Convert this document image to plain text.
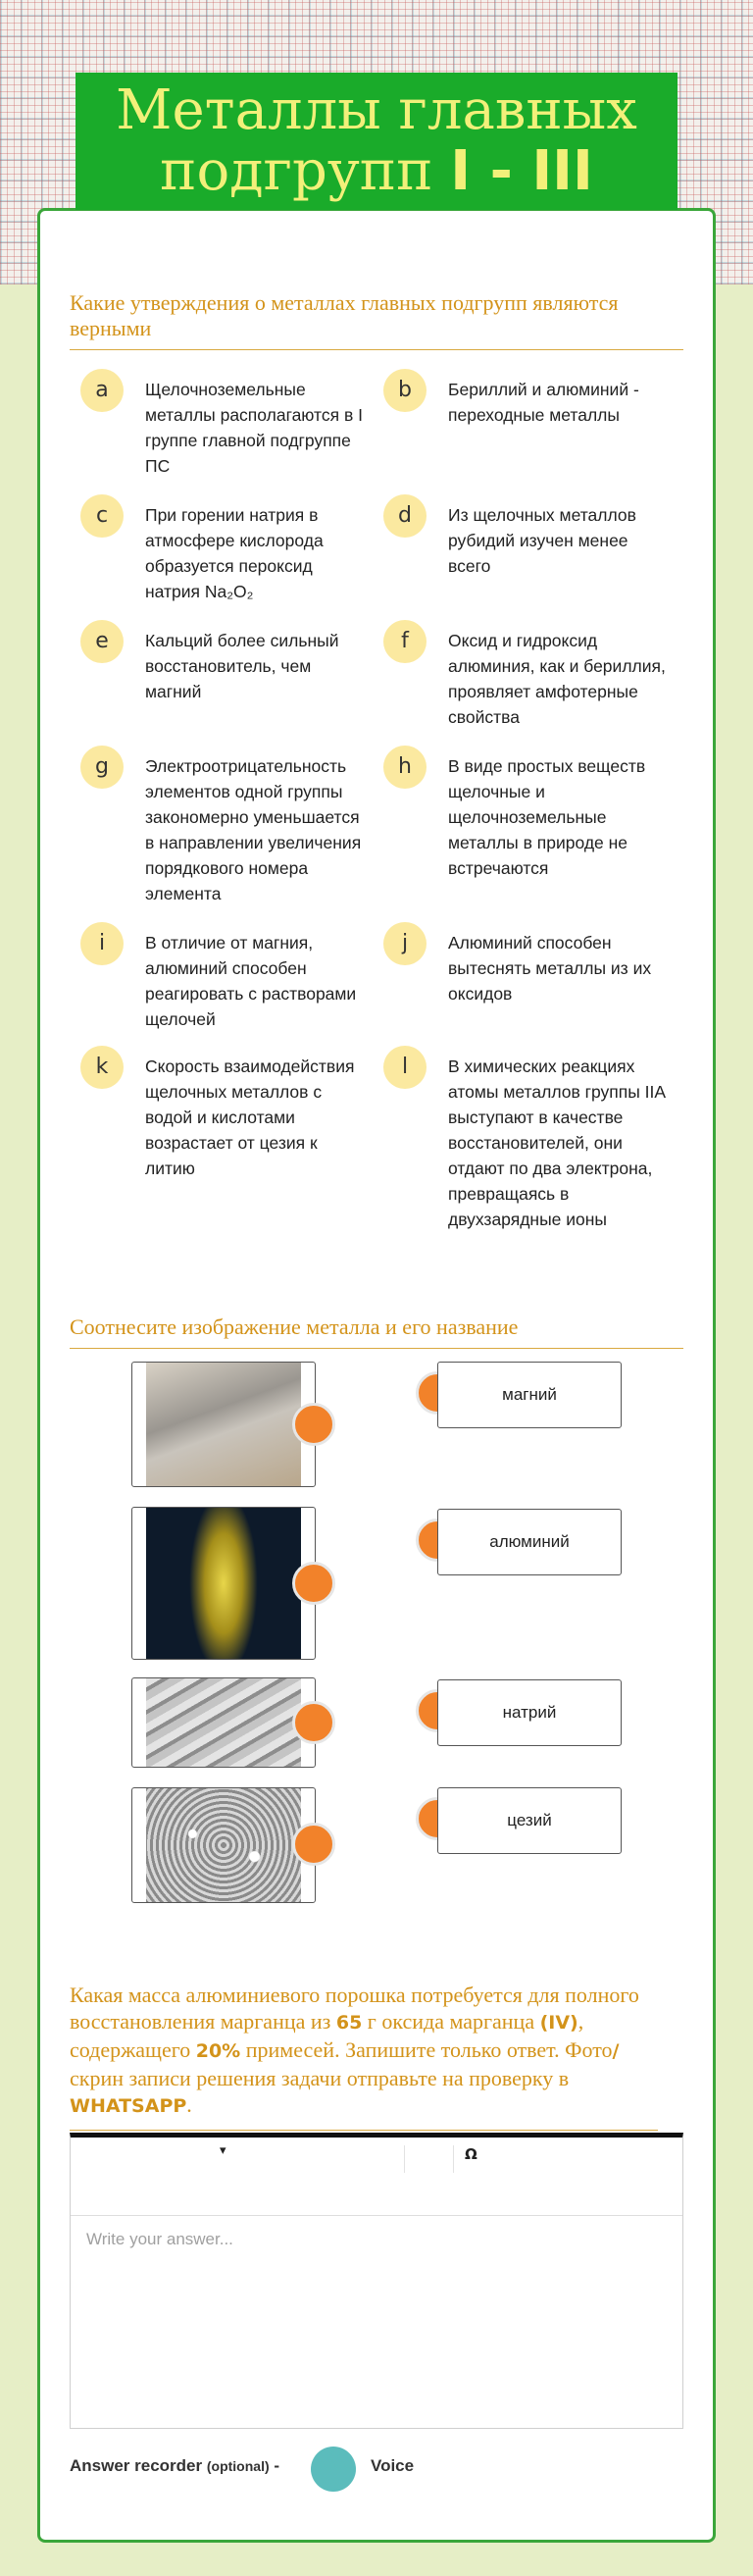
Металлы главных
подгрупп I - III
Какие утверждения о металлах главных подгрупп являются верными
a	Щелочноземельные металлы располагаются в I группе главной подгруппе ПС
b	Бериллий и алюминий - переходные металлы
c	При горении натрия в атмосфере кислорода образуется пероксид натрия Na₂O₂
d	Из щелочных металлов рубидий изучен менее всего
e	Кальций более сильный восстановитель, чем магний
f	Оксид и гидроксид алюминия, как и бериллия, проявляет амфотерные свойства
g	Электроотрицательность элементов одной группы закономерно уменьшается в направлении увеличения порядкового номера элемента
h	В виде простых веществ щелочные и щелочноземельные металлы в природе не встречаются
i	В отличие от магния, алюминий способен реагировать с растворами щелочей
j	Алюминий способен вытеснять металлы из их оксидов
k	Скорость взаимодействия щелочных металлов с водой и кислотами возрастает от цезия к литию
l	В химических реакциях атомы металлов группы IIA выступают в качестве восстановителей, они отдают по два электрона, превращаясь в двухзарядные ионы
Соотнесите изображение металла и его название
магний
алюминий
натрий
цезий
Какая масса алюминиевого порошка потребуется для полного восстановления марганца из 65 г оксида марганца (IV), содержащего 20% примесей. Запишите только ответ. Фото/скрин записи решения задачи отправьте на проверку в WHATSAPP.
▾	Ω
Write your answer...
Answer recorder (optional) -	Voice
